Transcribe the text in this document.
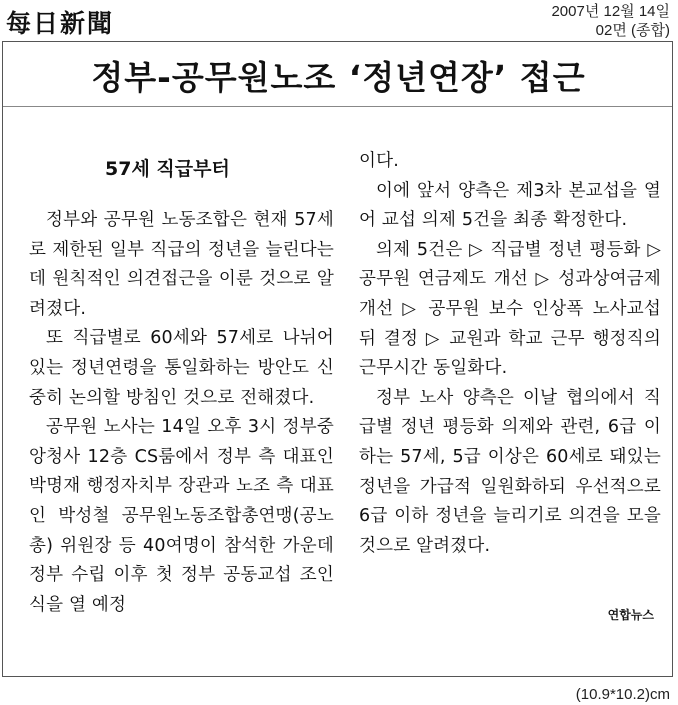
每日新聞	2007년 12월 14일
02면 (종합)
정부-공무원노조 ‘정년연장’ 접근
57세 직급부터

정부와 공무원 노동조합은 현재 57세로 제한된 일부 직급의 정년을 늘린다는 데 원칙적인 의견접근을 이룬 것으로 알려졌다.

또 직급별로 60세와 57세로 나뉘어 있는 정년연령을 통일화하는 방안도 신중히 논의할 방침인 것으로 전해졌다.

공무원 노사는 14일 오후 3시 정부중앙청사 12층 CS룸에서 정부 측 대표인 박명재 행정자치부 장관과 노조 측 대표인 박성철 공무원노동조합총연맹(공노총) 위원장 등 40여명이 참석한 가운데 정부 수립 이후 첫 정부 공동교섭 조인식을 열 예정

이다.

이에 앞서 양측은 제3차 본교섭을 열어 교섭 의제 5건을 최종 확정한다.

의제 5건은 ▷ 직급별 정년 평등화 ▷ 공무원 연금제도 개선 ▷ 성과상여금제 개선 ▷ 공무원 보수 인상폭 노사교섭 뒤 결정 ▷ 교원과 학교 근무 행정직의 근무시간 동일화다.

정부 노사 양측은 이날 협의에서 직급별 정년 평등화 의제와 관련, 6급 이하는 57세, 5급 이상은 60세로 돼있는 정년을 가급적 일원화하되 우선적으로 6급 이하 정년을 늘리기로 의견을 모을 것으로 알려졌다.

연합뉴스
(10.9*10.2)cm
